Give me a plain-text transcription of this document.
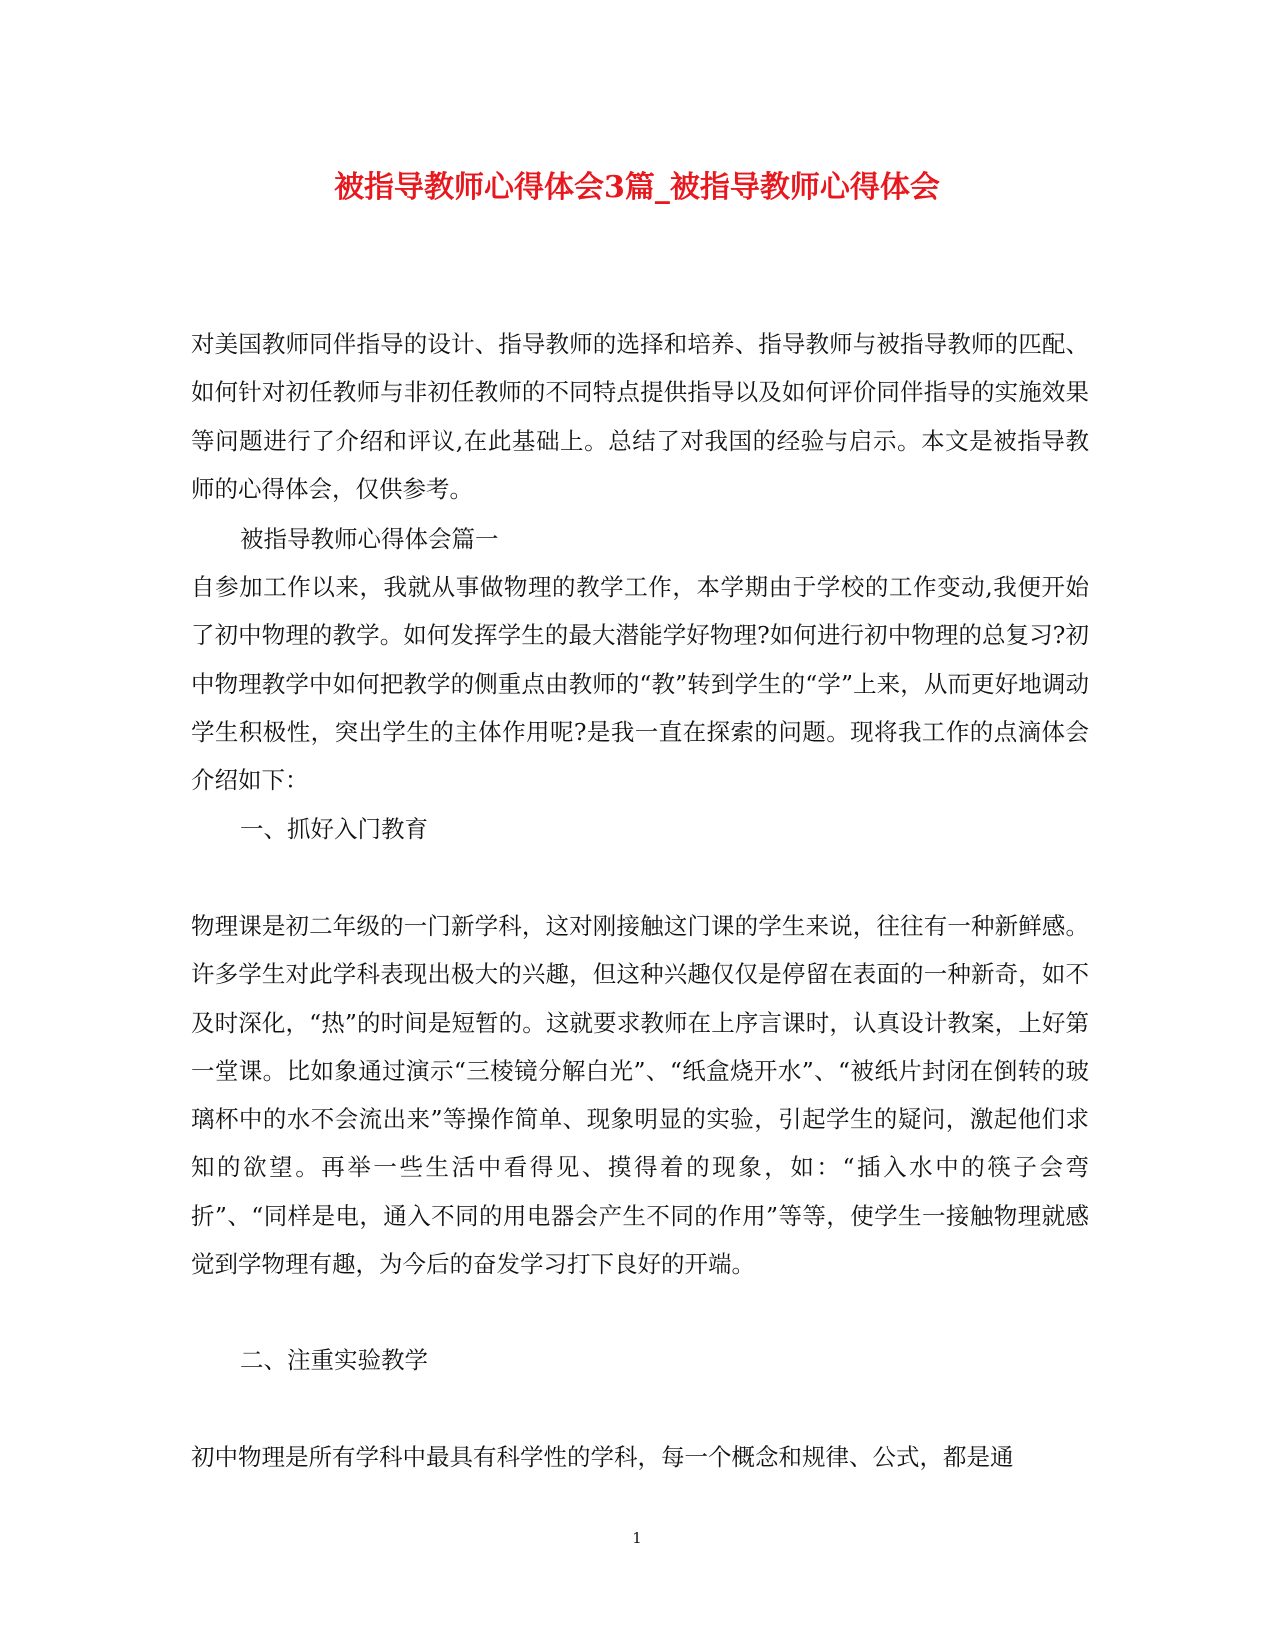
被指导教师心得体会3篇_被指导教师心得体会

对美国教师同伴指导的设计、指导教师的选择和培养、指导教师与被指导教师的匹配、如何针对初任教师与非初任教师的不同特点提供指导以及如何评价同伴指导的实施效果等问题进行了介绍和评议,在此基础上。总结了对我国的经验与启示。本文是被指导教师的心得体会，仅供参考。

被指导教师心得体会篇一

自参加工作以来，我就从事做物理的教学工作，本学期由于学校的工作变动,我便开始了初中物理的教学。如何发挥学生的最大潜能学好物理?如何进行初中物理的总复习?初中物理教学中如何把教学的侧重点由教师的“教”转到学生的“学”上来，从而更好地调动学生积极性，突出学生的主体作用呢?是我一直在探索的问题。现将我工作的点滴体会介绍如下：

一、抓好入门教育

物理课是初二年级的一门新学科，这对刚接触这门课的学生来说，往往有一种新鲜感。许多学生对此学科表现出极大的兴趣，但这种兴趣仅仅是停留在表面的一种新奇，如不及时深化，“热”的时间是短暂的。这就要求教师在上序言课时，认真设计教案，上好第一堂课。比如象通过演示“三棱镜分解白光”、“纸盒烧开水”、“被纸片封闭在倒转的玻璃杯中的水不会流出来”等操作简单、现象明显的实验，引起学生的疑问，激起他们求知的欲望。再举一些生活中看得见、摸得着的现象，如：“插入水中的筷子会弯折”、“同样是电，通入不同的用电器会产生不同的作用”等等，使学生一接触物理就感觉到学物理有趣，为今后的奋发学习打下良好的开端。

二、注重实验教学

初中物理是所有学科中最具有科学性的学科，每一个概念和规律、公式，都是通

1
